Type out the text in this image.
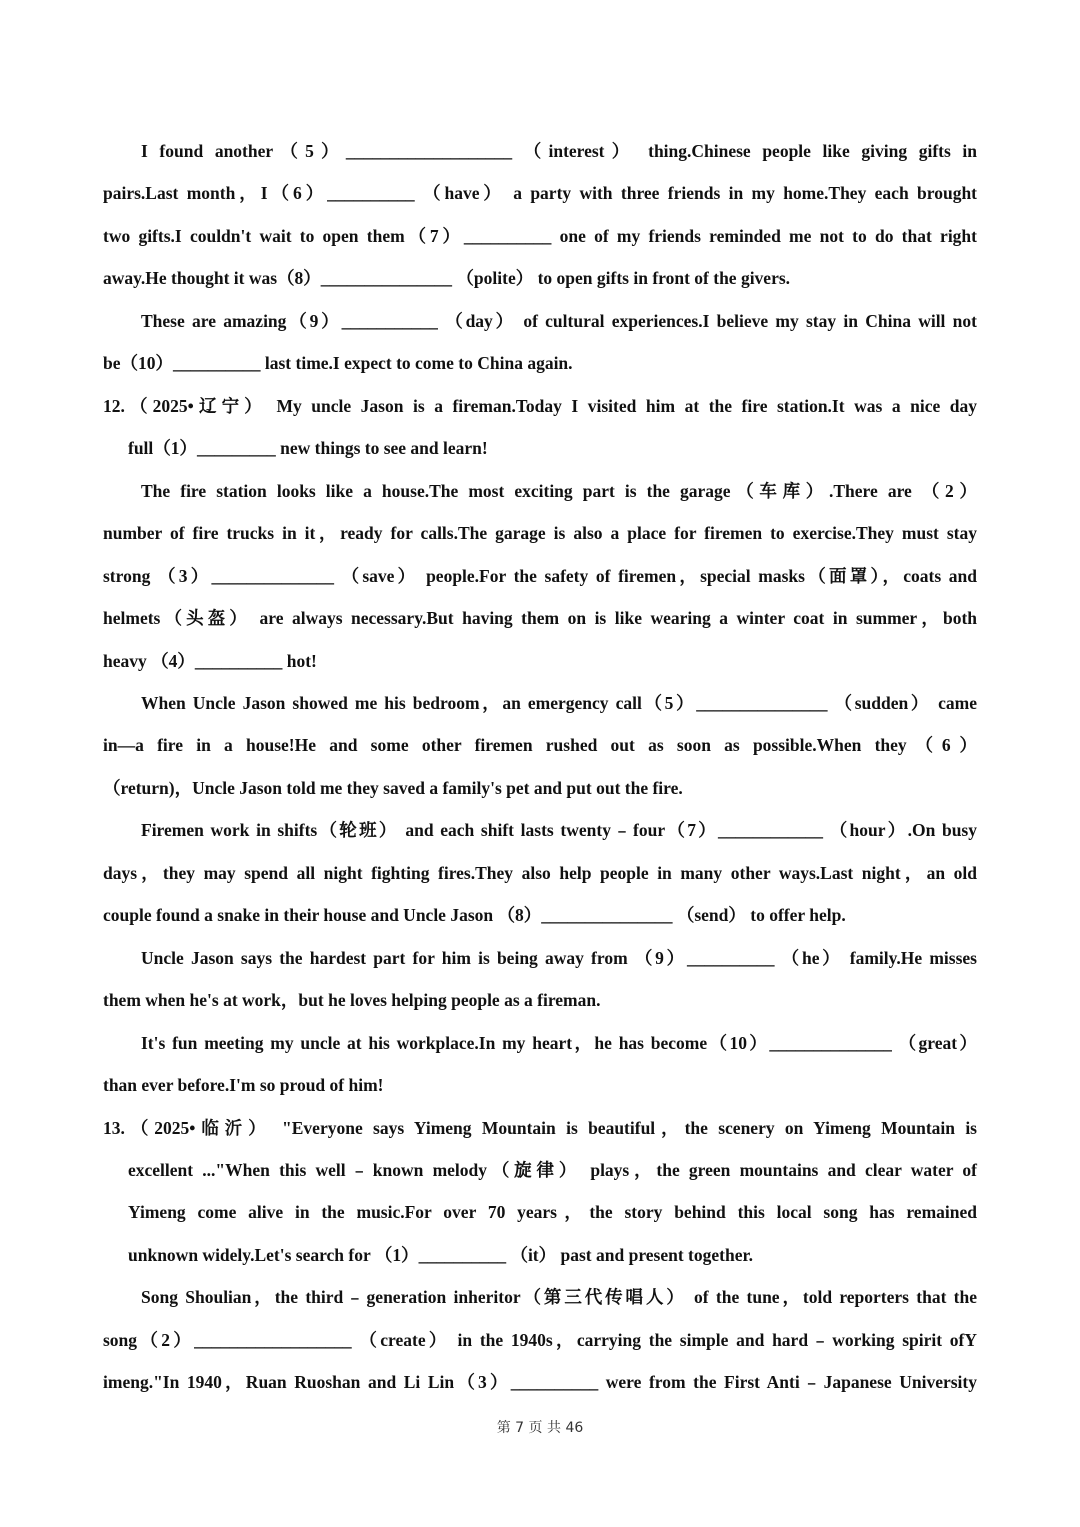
I found another（5）___________________ （interest） thing.Chinese people like giving gifts in
pairs.Last month，I（6）__________ （have） a party with three friends in my home.They each brought
two gifts.I couldn't wait to open them（7）__________ one of my friends reminded me not to do that right
away.He thought it was（8）_______________ （polite） to open gifts in front of the givers.
These are amazing（9）___________ （day） of cultural experiences.I believe my stay in China will not
be（10）__________ last time.I expect to come to China again.
12.（2025•辽宁） My uncle Jason is a fireman.Today I visited him at the fire station.It was a nice day
full（1）_________ new things to see and learn!
The fire station looks like a house.The most exciting part is the garage（车库）.There are （2）
number of fire trucks in it，ready for calls.The garage is also a place for firemen to exercise.They must stay
strong （3）______________ （save） people.For the safety of firemen，special masks（面罩），coats and
helmets（头盔） are always necessary.But having them on is like wearing a winter coat in summer，both
heavy （4）__________ hot!
When Uncle Jason showed me his bedroom，an emergency call（5）_______________ （sudden） came
in—a fire in a house!He and some other firemen rushed out as soon as possible.When they（6）
（return)，Uncle Jason told me they saved a family's pet and put out the fire.
Firemen work in shifts（轮班） and each shift lasts twenty﹣four（7）____________ （hour）.On busy
days，they may spend all night fighting fires.They also help people in many other ways.Last night，an old
couple found a snake in their house and Uncle Jason （8）_______________ （send） to offer help.
Uncle Jason says the hardest part for him is being away from （9）__________ （he） family.He misses
them when he's at work，but he loves helping people as a fireman.
It's fun meeting my uncle at his workplace.In my heart，he has become（10）______________ （great）
than ever before.I'm so proud of him!
13.（2025•临沂） "Everyone says Yimeng Mountain is beautiful，the scenery on Yimeng Mountain is
excellent ..."When this well﹣known melody（旋律） plays，the green mountains and clear water of
Yimeng come alive in the music.For over 70 years，the story behind this local song has remained
unknown widely.Let's search for （1）__________ （it） past and present together.
Song Shoulian，the third﹣generation inheritor（第三代传唱人） of the tune，told reporters that the
song（2）__________________ （create） in the 1940s，carrying the simple and hard﹣working spirit ofY
imeng."In 1940，Ruan Ruoshan and Li Lin（3）__________ were from the First Anti﹣Japanese University
第 7 页 共 46
